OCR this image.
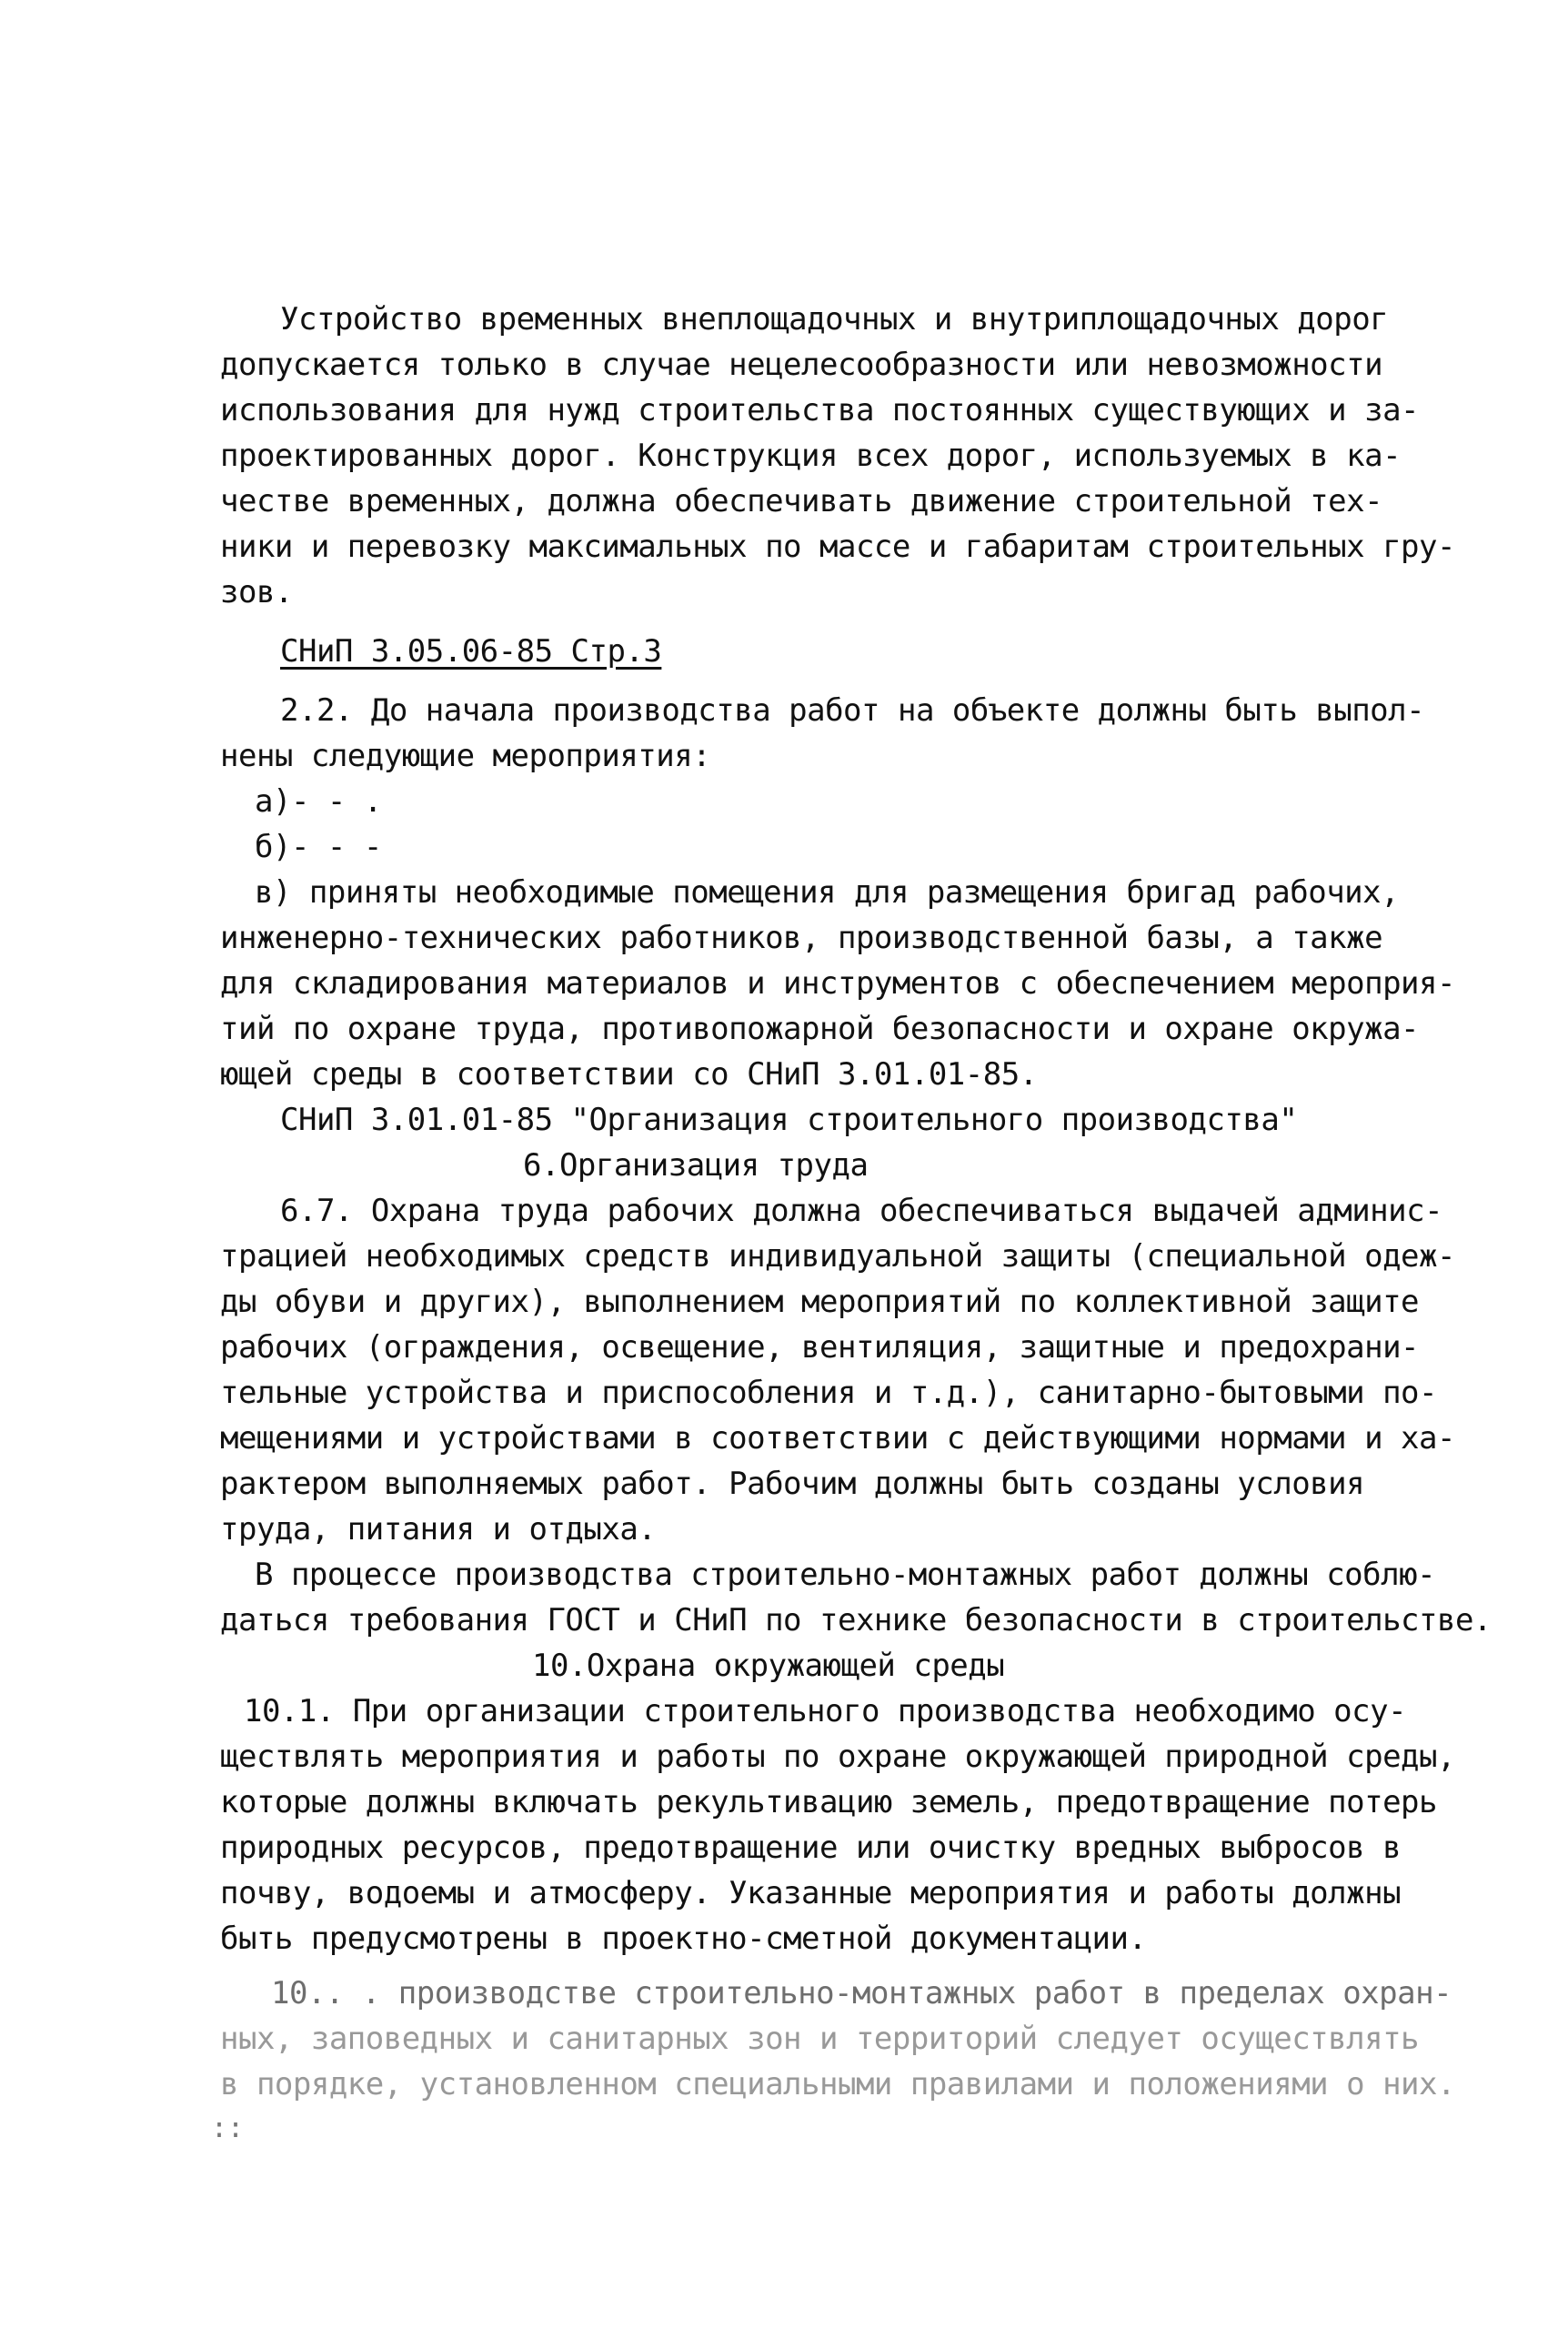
Устройство временных внеплощадочных и внутриплощадочных дорог
допускается только в случае нецелесообразности или невозможности
использования для нужд строительства постоянных существующих и за-
проектированных дорог. Конструкция всех дорог, используемых в ка-
честве временных, должна обеспечивать движение строительной тех-
ники и перевозку максимальных по массе и габаритам строительных гру-
зов.
СНиП 3.05.06-85 Стр.3
2.2. До начала производства работ на объекте должны быть выпол-
нены следующие мероприятия:
а)- - .
б)- - -
в) приняты необходимые помещения для размещения бригад рабочих,
инженерно-технических работников, производственной базы, а также
для складирования материалов и инструментов с обеспечением мероприя-
тий по охране труда, противопожарной безопасности и охране окружа-
ющей среды в соответствии со СНиП 3.01.01-85.
СНиП 3.01.01-85 "Организация строительного производства"
6.Организация труда
6.7. Охрана труда рабочих должна обеспечиваться выдачей админис-
трацией необходимых средств индивидуальной защиты (специальной одеж-
ды обуви и других), выполнением мероприятий по коллективной защите
рабочих (ограждения, освещение, вентиляция, защитные и предохрани-
тельные устройства и приспособления и т.д.), санитарно-бытовыми по-
мещениями и устройствами в соответствии с действующими нормами и ха-
рактером выполняемых работ. Рабочим должны быть созданы условия
труда, питания и отдыха.
В процессе производства строительно-монтажных работ должны соблю-
даться требования ГОСТ и СНиП по технике безопасности в строительстве.
10.Охрана окружающей среды
10.1. При организации строительного производства необходимо осу-
ществлять мероприятия и работы по охране окружающей природной среды,
которые должны включать рекультивацию земель, предотвращение потерь
природных ресурсов, предотвращение или очистку вредных выбросов в
почву, водоемы и атмосферу. Указанные мероприятия и работы должны
быть предусмотрены в проектно-сметной документации.
10.. . производстве строительно-монтажных работ в пределах охран-
ных, заповедных и санитарных зон и территорий следует осуществлять
в порядке, установленном специальными правилами и положениями о них.
::
